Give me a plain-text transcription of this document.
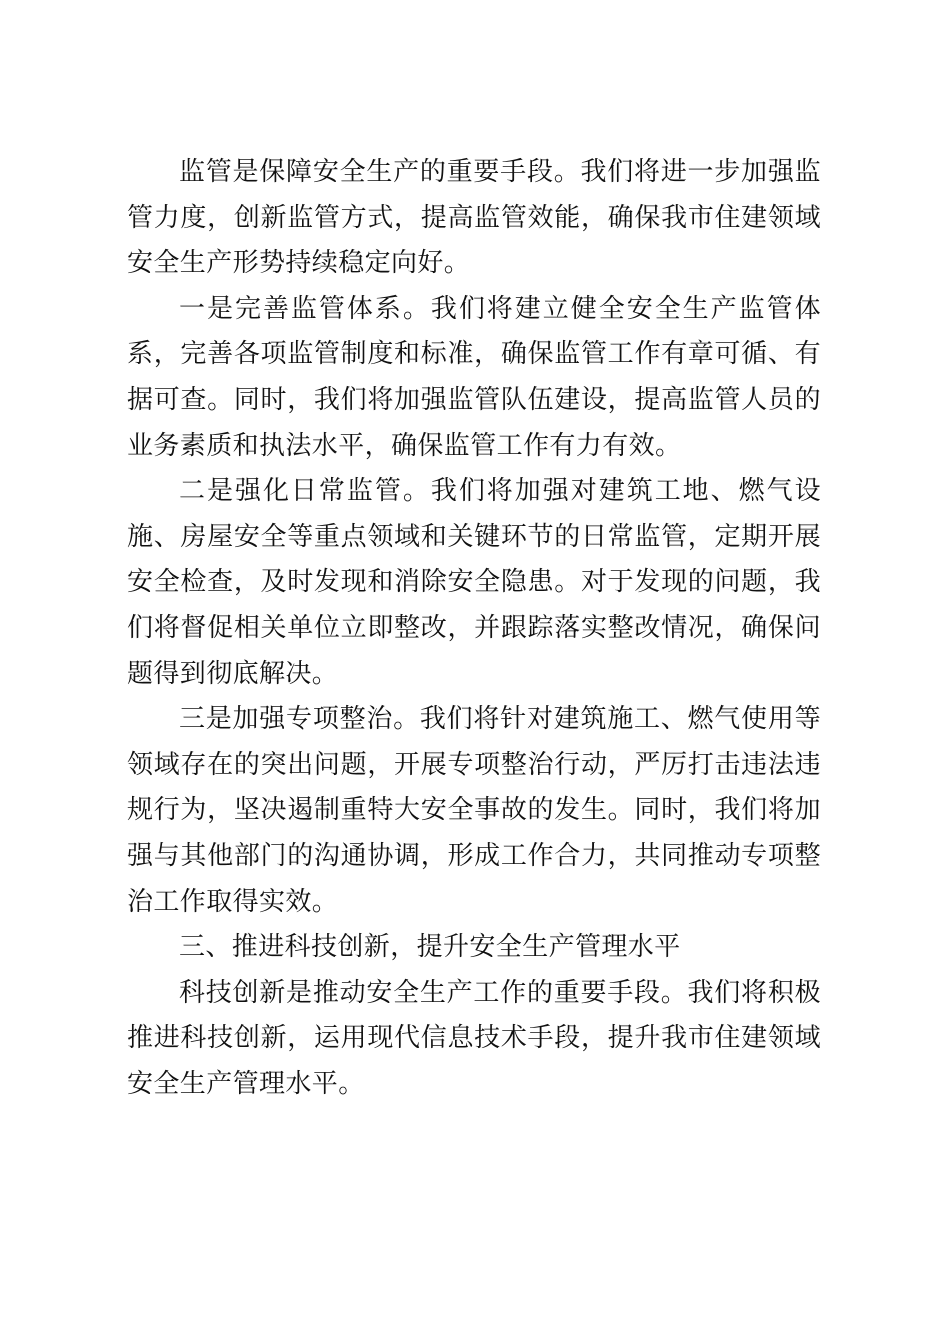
监管是保障安全生产的重要手段。我们将进一步加强监管力度，创新监管方式，提高监管效能，确保我市住建领域安全生产形势持续稳定向好。

一是完善监管体系。我们将建立健全安全生产监管体系，完善各项监管制度和标准，确保监管工作有章可循、有据可查。同时，我们将加强监管队伍建设，提高监管人员的业务素质和执法水平，确保监管工作有力有效。

二是强化日常监管。我们将加强对建筑工地、燃气设施、房屋安全等重点领域和关键环节的日常监管，定期开展安全检查，及时发现和消除安全隐患。对于发现的问题，我们将督促相关单位立即整改，并跟踪落实整改情况，确保问题得到彻底解决。

三是加强专项整治。我们将针对建筑施工、燃气使用等领域存在的突出问题，开展专项整治行动，严厉打击违法违规行为，坚决遏制重特大安全事故的发生。同时，我们将加强与其他部门的沟通协调，形成工作合力，共同推动专项整治工作取得实效。

三、推进科技创新，提升安全生产管理水平

科技创新是推动安全生产工作的重要手段。我们将积极推进科技创新，运用现代信息技术手段，提升我市住建领域安全生产管理水平。
